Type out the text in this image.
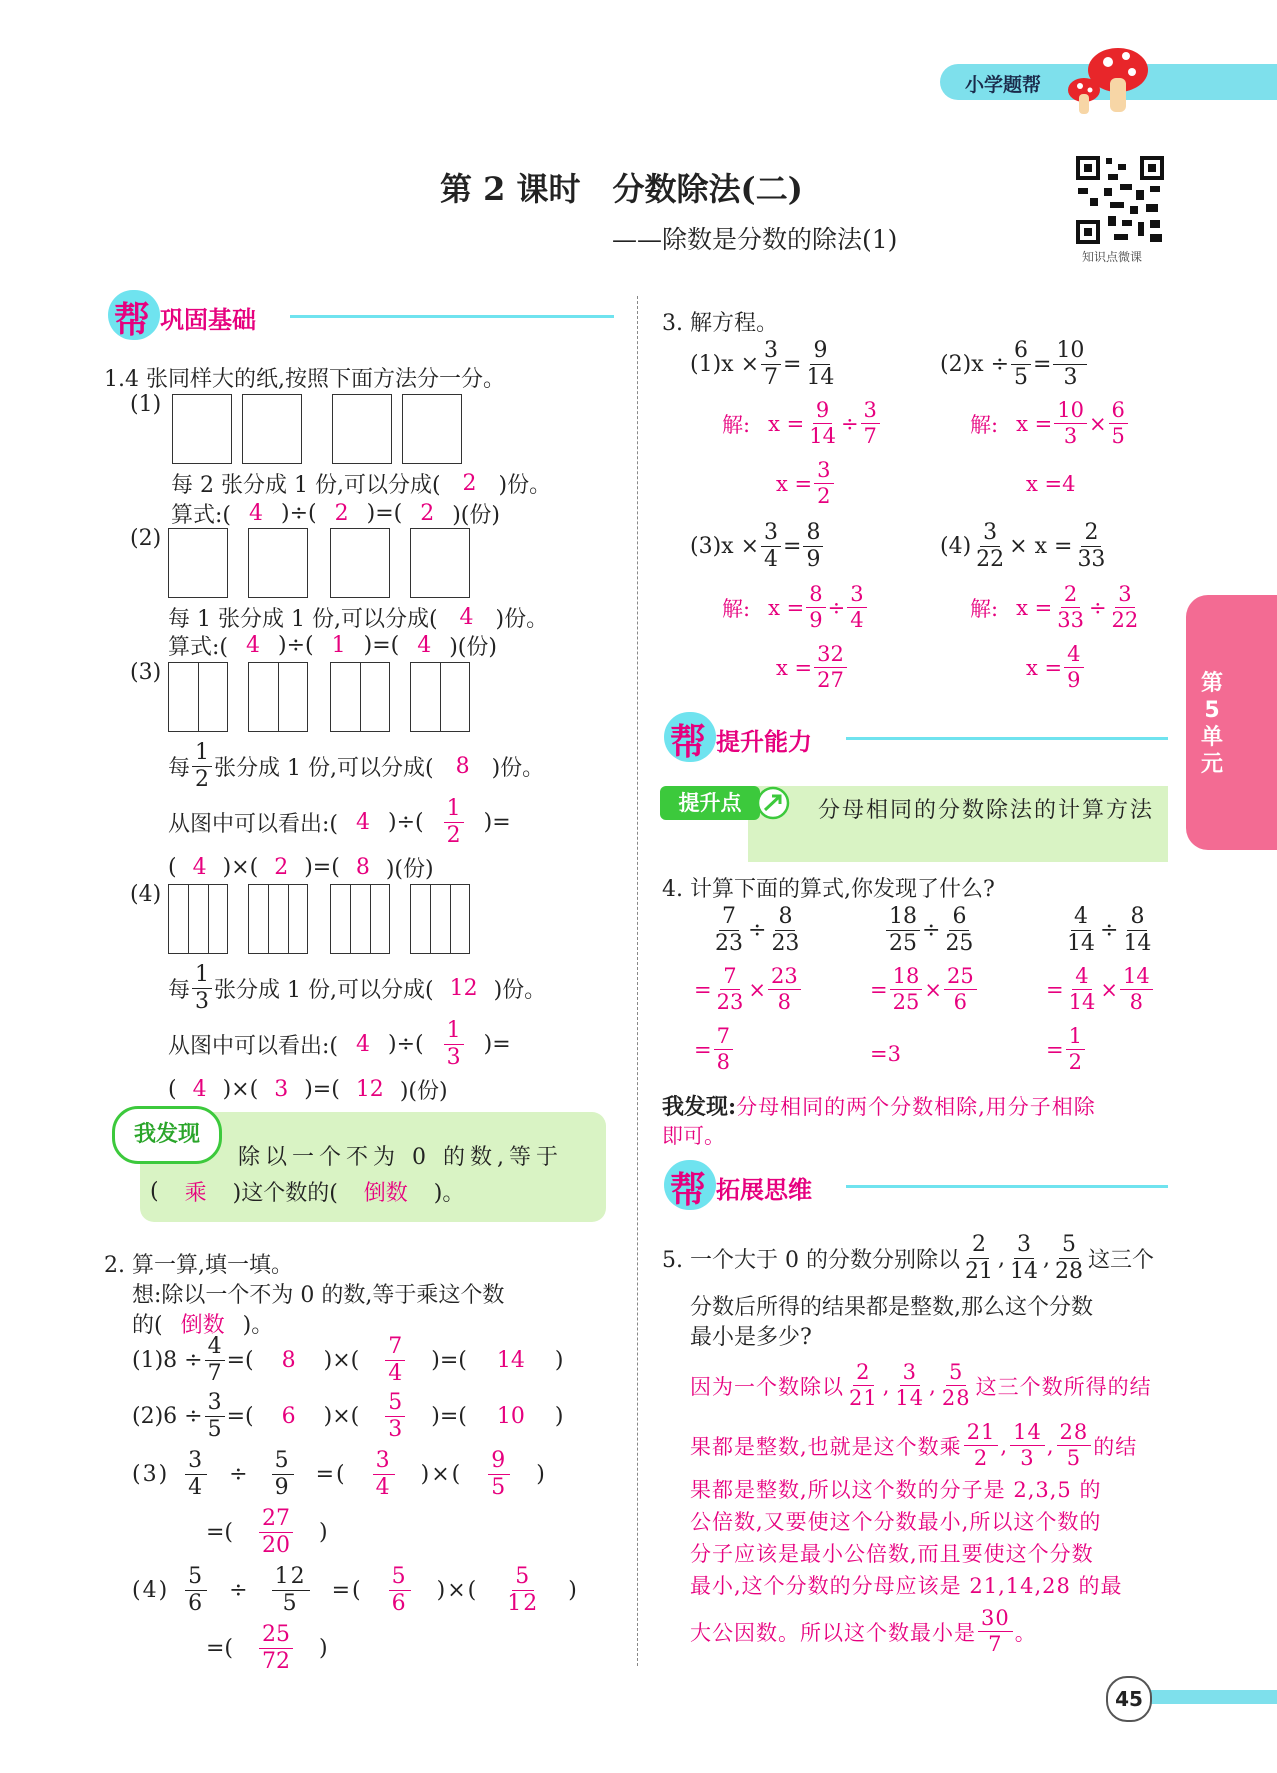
小学题帮
第 2 课时　分数除法(二)
——除数是分数的除法(1)
知识点微课
第5单元
帮 巩固基础
1.4 张同样大的纸,按照下面方法分一分。
(1)
每 2 张分成 1 份,可以分成( 2 )份。
算式:( 4 )÷( 2 )=( 2 )(份)
(2)
每 1 张分成 1 份,可以分成( 4 )份。
算式:( 4 )÷( 1 )=( 4 )(份)
(3)
每 $\frac{1}{2}$ 张分成 1 份,可以分成( 8 )份。
从图中可以看出:( 4 )÷( $\frac{1}{2}$ )=
( 4 )×( 2 )=( 8 )(份)
(4)
每 $\frac{1}{3}$ 张分成 1 份,可以分成( 12 )份。
从图中可以看出:( 4 )÷( $\frac{1}{3}$ )=
( 4 )×( 3 )=( 12 )(份)
我发现
除以一个不为 0 的数,等于
( 乘 )这个数的( 倒数 )。
2. 算一算,填一填。
想:除以一个不为 0 的数,等于乘这个数
的( 倒数 )。
$(1)8 \div \frac{4}{7}$ =( 8 )×( $\frac{7}{4}$ )=( 14 )
$(2)6 \div \frac{3}{5}$ =( 6 )×( $\frac{5}{3}$ )=( 10 )
$(3) \frac{3}{4} \div \frac{5}{9}$ =( $\frac{3}{4}$ )×( $\frac{9}{5}$ )
=( $\frac{27}{20}$ )
$(4) \frac{5}{6} \div \frac{12}{5}$ =( $\frac{5}{6}$ )×( $\frac{5}{12}$ )
=( $\frac{25}{72}$ )
3. 解方程。
$(1)x \times \frac{3}{7} = \frac{9}{14}$
解: $x = \frac{9}{14} \div \frac{3}{7}$
$x = \frac{3}{2}$
$(2)x \div \frac{6}{5} = \frac{10}{3}$
解: $x = \frac{10}{3} \times \frac{6}{5}$
x =4
$(3)x \times \frac{3}{4} = \frac{8}{9}$
解: $x = \frac{8}{9} \div \frac{3}{4}$
$x = \frac{32}{27}$
$(4) \frac{3}{22} \times x = \frac{2}{33}$
解: $x = \frac{2}{33} \div \frac{3}{22}$
$x = \frac{4}{9}$
帮 提升能力
提升点	分母相同的分数除法的计算方法
4. 计算下面的算式,你发现了什么?
$\frac{7}{23} \div \frac{8}{23}$
= $\frac{7}{23} \times \frac{23}{8}$
= $\frac{7}{8}$
$\frac{18}{25} \div \frac{6}{25}$
= $\frac{18}{25} \times \frac{25}{6}$
=3
$\frac{4}{14} \div \frac{8}{14}$
= $\frac{4}{14} \times \frac{14}{8}$
= $\frac{1}{2}$
我发现: 分母相同的两个分数相除,用分子相除
即可。
帮 拓展思维
5. 一个大于 0 的分数分别除以 $\frac{2}{21}$ , $\frac{3}{14}$ , $\frac{5}{28}$ 这三个
分数后所得的结果都是整数,那么这个分数
最小是多少?
因为一个数除以 $\frac{2}{21}$ , $\frac{3}{14}$ , $\frac{5}{28}$ 这三个数所得的结
果都是整数,也就是这个数乘 $\frac{21}{2}$ , $\frac{14}{3}$ , $\frac{28}{5}$ 的结
果都是整数,所以这个数的分子是 2,3,5 的
公倍数,又要使这个分数最小,所以这个数的
分子应该是最小公倍数,而且要使这个分数
最小,这个分数的分母应该是 21,14,28 的最
大公因数。所以这个数最小是 $\frac{30}{7}$ 。
45
